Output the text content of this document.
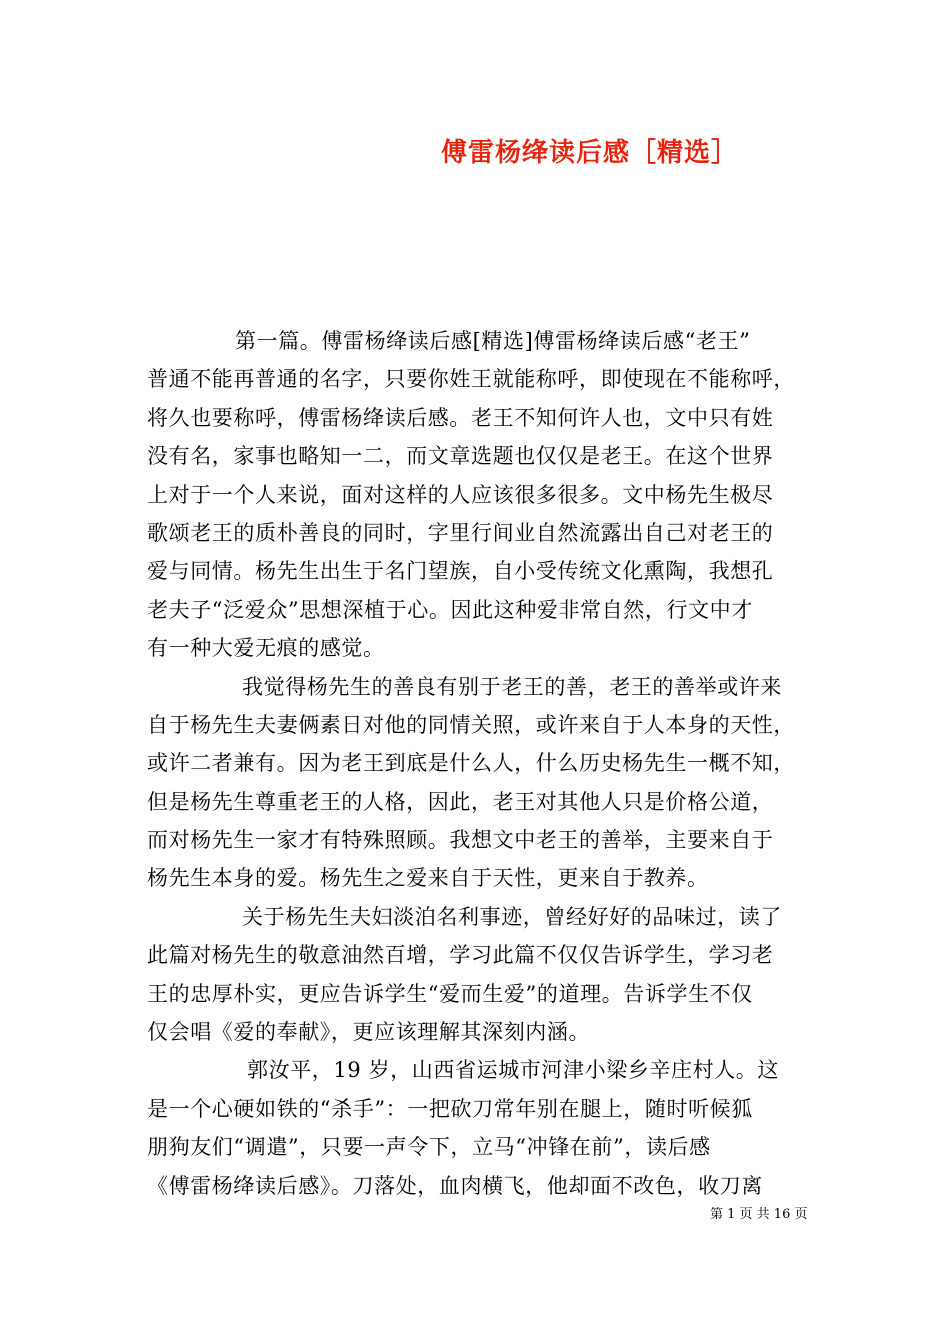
傅雷杨绛读后感［精选］
第一篇。傅雷杨绛读后感[精选]傅雷杨绛读后感“老王”
普通不能再普通的名字，只要你姓王就能称呼，即使现在不能称呼，
将久也要称呼，傅雷杨绛读后感。老王不知何许人也，文中只有姓
没有名，家事也略知一二，而文章选题也仅仅是老王。在这个世界
上对于一个人来说，面对这样的人应该很多很多。文中杨先生极尽
歌颂老王的质朴善良的同时，字里行间业自然流露出自己对老王的
爱与同情。杨先生出生于名门望族，自小受传统文化熏陶，我想孔
老夫子“泛爱众”思想深植于心。因此这种爱非常自然，行文中才
有一种大爱无痕的感觉。
我觉得杨先生的善良有别于老王的善，老王的善举或许来
自于杨先生夫妻俩素日对他的同情关照，或许来自于人本身的天性，
或许二者兼有。因为老王到底是什么人，什么历史杨先生一概不知，
但是杨先生尊重老王的人格，因此，老王对其他人只是价格公道，
而对杨先生一家才有特殊照顾。我想文中老王的善举，主要来自于
杨先生本身的爱。杨先生之爱来自于天性，更来自于教养。
关于杨先生夫妇淡泊名利事迹，曾经好好的品味过，读了
此篇对杨先生的敬意油然百增，学习此篇不仅仅告诉学生，学习老
王的忠厚朴实，更应告诉学生“爱而生爱”的道理。告诉学生不仅
仅会唱《爱的奉献》，更应该理解其深刻内涵。
郭汝平，19 岁，山西省运城市河津小梁乡辛庄村人。这
是一个心硬如铁的“杀手”：一把砍刀常年别在腿上，随时听候狐
朋狗友们“调遣”，只要一声令下，立马“冲锋在前”，读后感
《傅雷杨绛读后感》。刀落处，血肉横飞，他却面不改色，收刀离
第 1 页 共 16 页
